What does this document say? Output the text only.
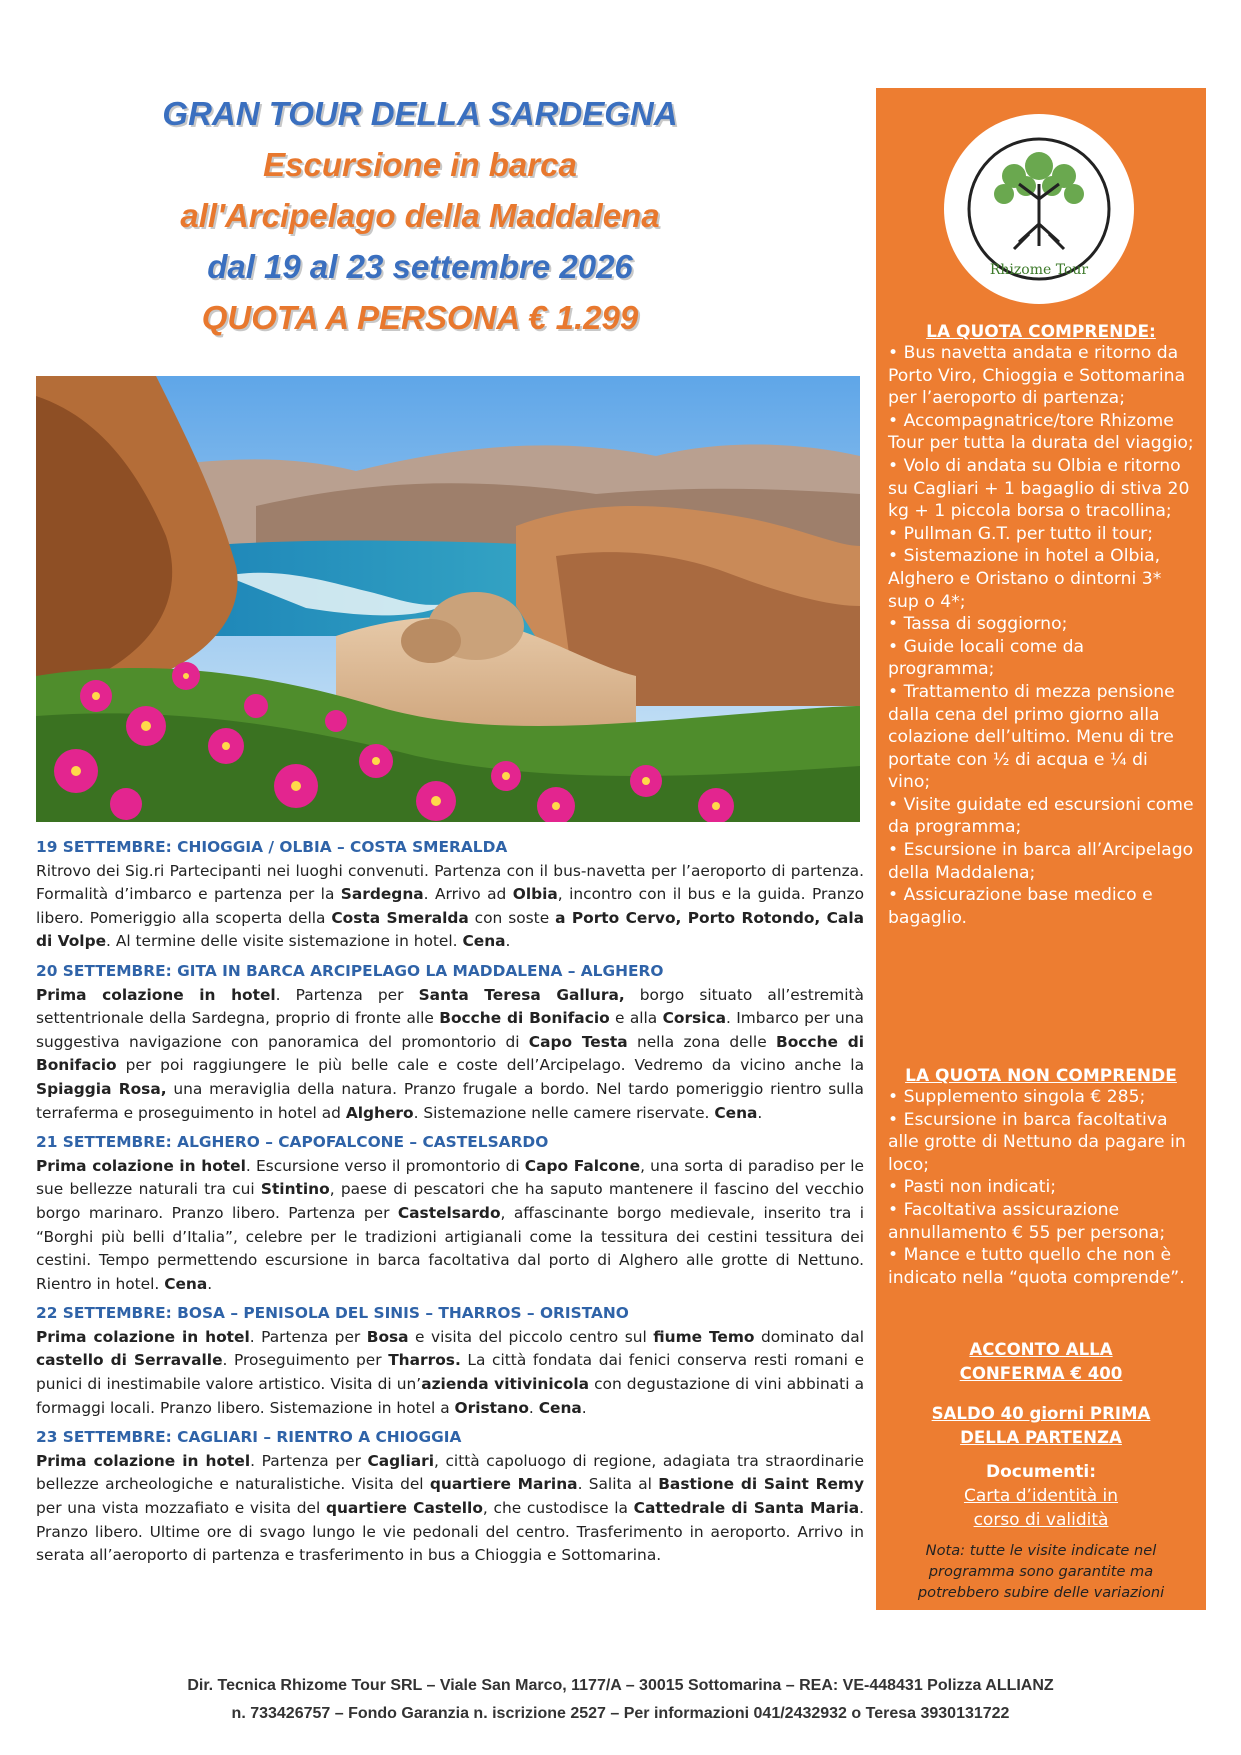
GRAN TOUR DELLA SARDEGNA
Escursione in barca
all'Arcipelago della Maddalena
dal 19 al 23 settembre 2026
QUOTA A PERSONA € 1.299
19 SETTEMBRE: CHIOGGIA / OLBIA – COSTA SMERALDA
Ritrovo dei Sig.ri Partecipanti nei luoghi convenuti. Partenza con il bus-navetta per l’aeroporto di partenza. Formalità d’imbarco e partenza per la Sardegna. Arrivo ad Olbia, incontro con il bus e la guida. Pranzo libero. Pomeriggio alla scoperta della Costa Smeralda con soste a Porto Cervo, Porto Rotondo, Cala di Volpe. Al termine delle visite sistemazione in hotel. Cena.
20 SETTEMBRE: GITA IN BARCA ARCIPELAGO LA MADDALENA – ALGHERO
Prima colazione in hotel. Partenza per Santa Teresa Gallura, borgo situato all’estremità settentrionale della Sardegna, proprio di fronte alle Bocche di Bonifacio e alla Corsica. Imbarco per una suggestiva navigazione con panoramica del promontorio di Capo Testa nella zona delle Bocche di Bonifacio per poi raggiungere le più belle cale e coste dell’Arcipelago. Vedremo da vicino anche la Spiaggia Rosa, una meraviglia della natura. Pranzo frugale a bordo. Nel tardo pomeriggio rientro sulla terraferma e proseguimento in hotel ad Alghero. Sistemazione nelle camere riservate. Cena.
21 SETTEMBRE: ALGHERO – CAPOFALCONE – CASTELSARDO
Prima colazione in hotel. Escursione verso il promontorio di Capo Falcone, una sorta di paradiso per le sue bellezze naturali tra cui Stintino, paese di pescatori che ha saputo mantenere il fascino del vecchio borgo marinaro. Pranzo libero. Partenza per Castelsardo, affascinante borgo medievale, inserito tra i “Borghi più belli d’Italia”, celebre per le tradizioni artigianali come la tessitura dei cestini tessitura dei cestini. Tempo permettendo escursione in barca facoltativa dal porto di Alghero alle grotte di Nettuno. Rientro in hotel. Cena.
22 SETTEMBRE: BOSA – PENISOLA DEL SINIS – THARROS – ORISTANO
Prima colazione in hotel. Partenza per Bosa e visita del piccolo centro sul fiume Temo dominato dal castello di Serravalle. Proseguimento per Tharros. La città fondata dai fenici conserva resti romani e punici di inestimabile valore artistico. Visita di un’azienda vitivinicola con degustazione di vini abbinati a formaggi locali. Pranzo libero. Sistemazione in hotel a Oristano. Cena.
23 SETTEMBRE: CAGLIARI – RIENTRO A CHIOGGIA
Prima colazione in hotel. Partenza per Cagliari, città capoluogo di regione, adagiata tra straordinarie bellezze archeologiche e naturalistiche. Visita del quartiere Marina. Salita al Bastione di Saint Remy per una vista mozzafiato e visita del quartiere Castello, che custodisce la Cattedrale di Santa Maria. Pranzo libero. Ultime ore di svago lungo le vie pedonali del centro. Trasferimento in aeroporto. Arrivo in serata all’aeroporto di partenza e trasferimento in bus a Chioggia e Sottomarina.
Rhizome Tour
LA QUOTA COMPRENDE:
• Bus navetta andata e ritorno da Porto Viro, Chioggia e Sottomarina per l’aeroporto di partenza;
• Accompagnatrice/tore Rhizome Tour per tutta la durata del viaggio;
• Volo di andata su Olbia e ritorno su Cagliari + 1 bagaglio di stiva 20 kg + 1 piccola borsa o tracollina;
• Pullman G.T. per tutto il tour;
• Sistemazione in hotel a Olbia, Alghero e Oristano o dintorni 3* sup o 4*;
• Tassa di soggiorno;
• Guide locali come da programma;
• Trattamento di mezza pensione dalla cena del primo giorno alla colazione dell’ultimo. Menu di tre portate con ½ di acqua e ¼ di vino;
• Visite guidate ed escursioni come da programma;
• Escursione in barca all’Arcipelago della Maddalena;
• Assicurazione base medico e bagaglio.
LA QUOTA NON COMPRENDE
• Supplemento singola € 285;
• Escursione in barca facoltativa alle grotte di Nettuno da pagare in loco;
• Pasti non indicati;
• Facoltativa assicurazione annullamento € 55 per persona;
• Mance e tutto quello che non è indicato nella “quota comprende”.
ACCONTO ALLA
CONFERMA € 400
SALDO 40 giorni PRIMA
DELLA PARTENZA
Documenti:
Carta d’identità in
corso di validità
Nota: tutte le visite indicate nel programma sono garantite ma potrebbero subire delle variazioni
Dir. Tecnica Rhizome Tour SRL – Viale San Marco, 1177/A – 30015 Sottomarina – REA: VE-448431 Polizza ALLIANZ
n. 733426757 – Fondo Garanzia n. iscrizione 2527 – Per informazioni 041/2432932 o Teresa 3930131722
